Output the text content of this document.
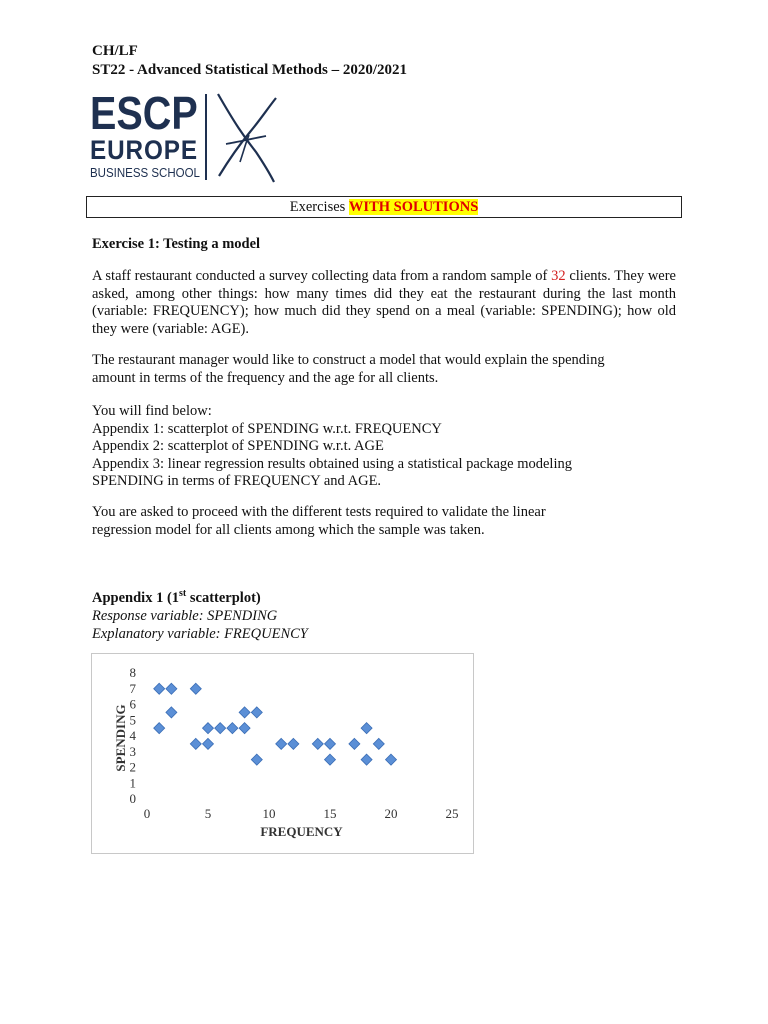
CH/LF
ST22 - Advanced Statistical Methods – 2020/2021
ESCP
EUROPE
BUSINESS SCHOOL
Exercises WITH SOLUTIONS
Exercise 1: Testing a model
A staff restaurant conducted a survey collecting data from a random sample of 32 clients. They were asked, among other things: how many times did they eat the restaurant during the last month (variable: FREQUENCY); how much did they spend on a meal (variable: SPENDING); how old they were (variable: AGE).
The restaurant manager would like to construct a model that would explain the spending
amount in terms of the frequency and the age for all clients.
You will find below:
Appendix 1: scatterplot of SPENDING w.r.t. FREQUENCY
Appendix 2: scatterplot of SPENDING w.r.t. AGE
Appendix 3: linear regression results obtained using a statistical package modeling
SPENDING in terms of FREQUENCY and AGE.
You are asked to proceed with the different tests required to validate the linear
regression model for all clients among which the sample was taken.
Appendix 1 (1st scatterplot)
Response variable: SPENDING
Explanatory variable: FREQUENCY
0
1
2
3
4
5
6
7
8
0	5	10	15	20	25
FREQUENCY
SPENDING
